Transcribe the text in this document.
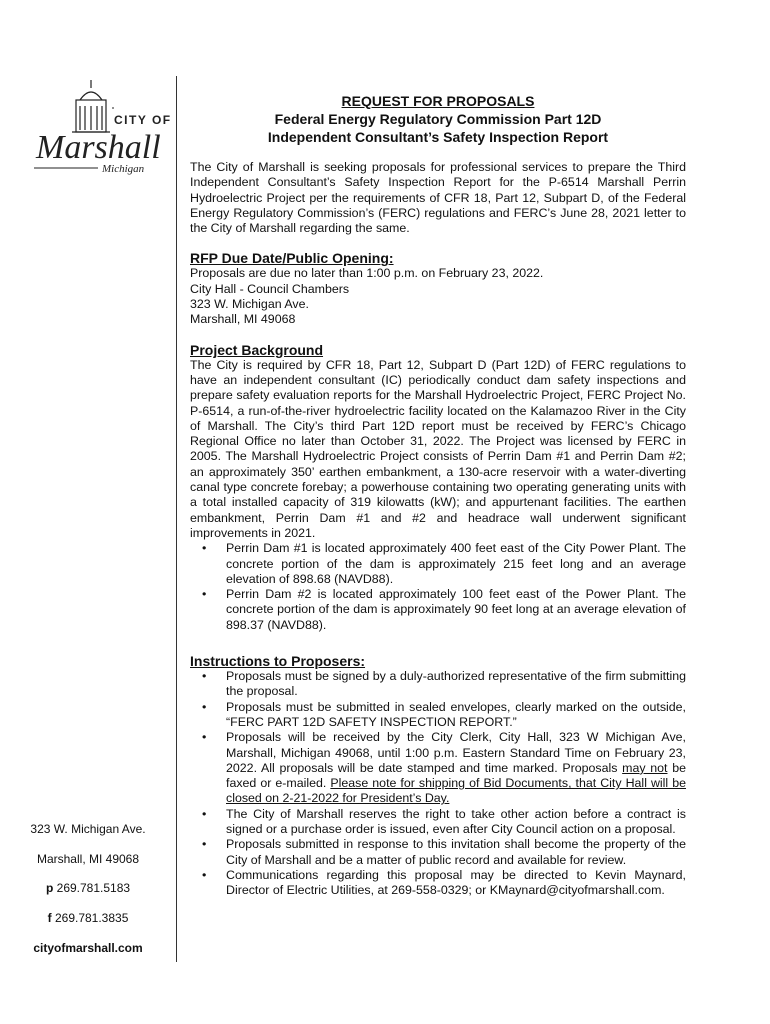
CITY OF
Marshall
Michigan
323 W. Michigan Ave.
Marshall, MI 49068
p 269.781.5183
f 269.781.3835
cityofmarshall.com

REQUEST FOR PROPOSALS

Federal Energy Regulatory Commission Part 12D

Independent Consultant’s Safety Inspection Report

The City of Marshall is seeking proposals for professional services to prepare the Third Independent Consultant’s Safety Inspection Report for the P-6514 Marshall Perrin Hydroelectric Project per the requirements of CFR 18, Part 12, Subpart D, of the Federal Energy Regulatory Commission’s (FERC) regulations and FERC’s June 28, 2021 letter to the City of Marshall regarding the same.

RFP Due Date/Public Opening:

Proposals are due no later than 1:00 p.m. on February 23, 2022.

City Hall - Council Chambers

323 W. Michigan Ave.

Marshall, MI 49068

Project Background

The City is required by CFR 18, Part 12, Subpart D (Part 12D) of FERC regulations to have an independent consultant (IC) periodically conduct dam safety inspections and prepare safety evaluation reports for the Marshall Hydroelectric Project, FERC Project No. P-6514, a run-of-the-river hydroelectric facility located on the Kalamazoo River in the City of Marshall. The City’s third Part 12D report must be received by FERC’s Chicago Regional Office no later than October 31, 2022. The Project was licensed by FERC in 2005. The Marshall Hydroelectric Project consists of Perrin Dam #1 and Perrin Dam #2; an approximately 350’ earthen embankment, a 130-acre reservoir with a water-diverting canal type concrete forebay; a powerhouse containing two operating generating units with a total installed capacity of 319 kilowatts (kW); and appurtenant facilities. The earthen embankment, Perrin Dam #1 and #2 and headrace wall underwent significant improvements in 2021.

• Perrin Dam #1 is located approximately 400 feet east of the City Power Plant. The concrete portion of the dam is approximately 215 feet long and an average elevation of 898.68 (NAVD88).
• Perrin Dam #2 is located approximately 100 feet east of the Power Plant. The concrete portion of the dam is approximately 90 feet long at an average elevation of 898.37 (NAVD88).
Instructions to Proposers:
• Proposals must be signed by a duly-authorized representative of the firm submitting the proposal.
• Proposals must be submitted in sealed envelopes, clearly marked on the outside, “FERC PART 12D SAFETY INSPECTION REPORT.”
• Proposals will be received by the City Clerk, City Hall, 323 W Michigan Ave, Marshall, Michigan 49068, until 1:00 p.m. Eastern Standard Time on February 23, 2022. All proposals will be date stamped and time marked. Proposals may not be faxed or e-mailed. Please note for shipping of Bid Documents, that City Hall will be closed on 2-21-2022 for President’s Day.
• The City of Marshall reserves the right to take other action before a contract is signed or a purchase order is issued, even after City Council action on a proposal.
• Proposals submitted in response to this invitation shall become the property of the City of Marshall and be a matter of public record and available for review.
• Communications regarding this proposal may be directed to Kevin Maynard, Director of Electric Utilities, at 269-558-0329; or KMaynard@cityofmarshall.com.
